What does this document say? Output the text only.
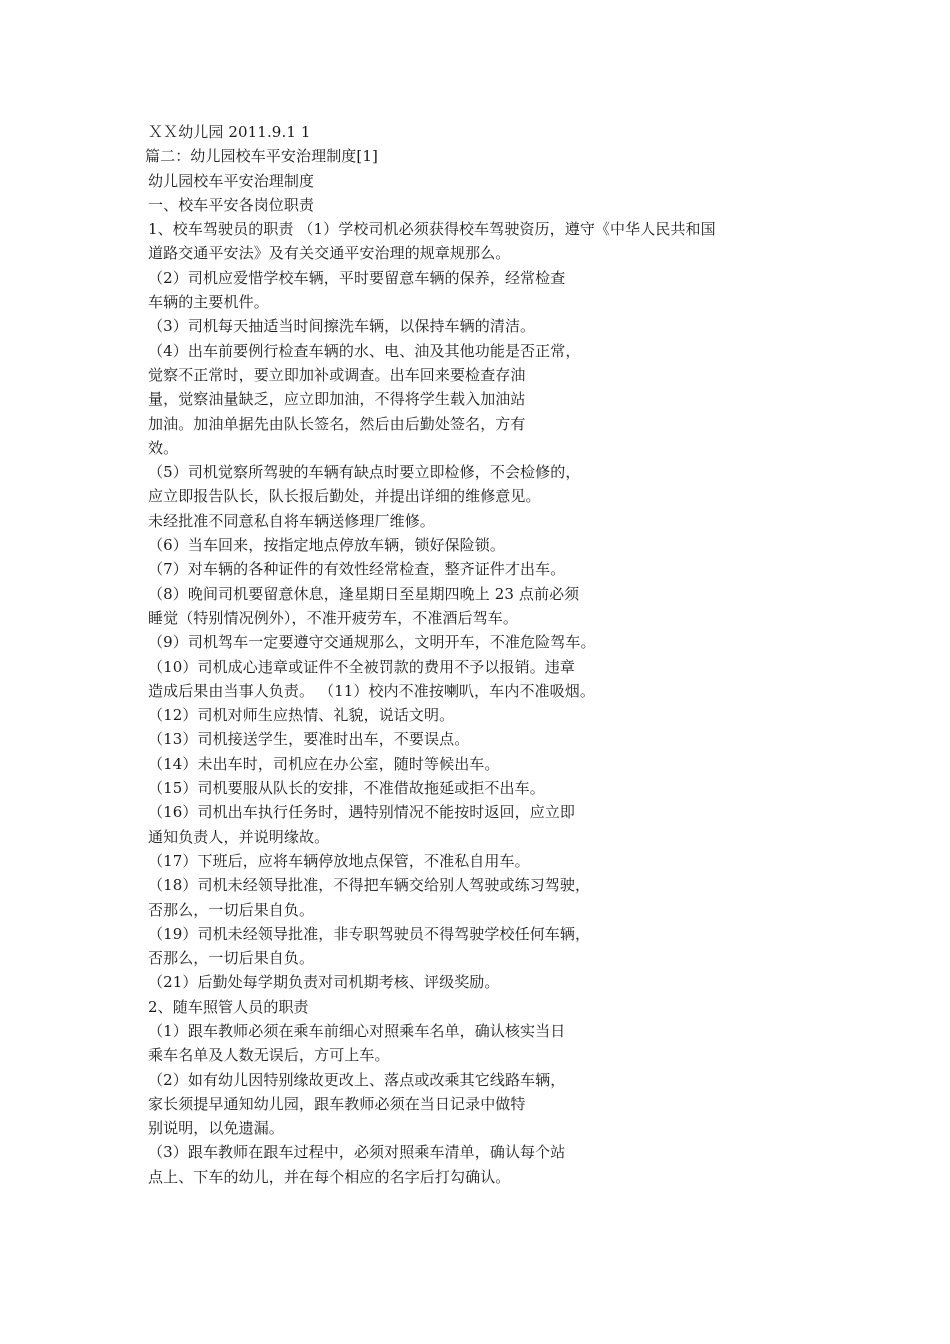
ＸＸ幼儿园 2011.9.1 1
篇二：幼儿园校车平安治理制度[1]
幼儿园校车平安治理制度
一、校车平安各岗位职责
1、校车驾驶员的职责 （1）学校司机必须获得校车驾驶资历，遵守《中华人民共和国
道路交通平安法》及有关交通平安治理的规章规那么。
（2）司机应爱惜学校车辆，平时要留意车辆的保养，经常检查
车辆的主要机件。
（3）司机每天抽适当时间擦洗车辆，以保持车辆的清洁。
（4）出车前要例行检查车辆的水、电、油及其他功能是否正常，
觉察不正常时，要立即加补或调查。出车回来要检查存油
量，觉察油量缺乏，应立即加油，不得将学生载入加油站
加油。加油单据先由队长签名，然后由后勤处签名，方有
效。
（5）司机觉察所驾驶的车辆有缺点时要立即检修，不会检修的，
应立即报告队长，队长报后勤处，并提出详细的维修意见。
未经批准不同意私自将车辆送修理厂维修。
（6）当车回来，按指定地点停放车辆，锁好保险锁。
（7）对车辆的各种证件的有效性经常检查，整齐证件才出车。
（8）晚间司机要留意休息，逢星期日至星期四晚上 23 点前必须
睡觉（特别情况例外），不准开疲劳车，不准酒后驾车。
（9）司机驾车一定要遵守交通规那么，文明开车，不准危险驾车。
（10）司机成心违章或证件不全被罚款的费用不予以报销。违章
造成后果由当事人负责。 （11）校内不准按喇叭，车内不准吸烟。
（12）司机对师生应热情、礼貌，说话文明。
（13）司机接送学生，要准时出车，不要误点。
（14）未出车时，司机应在办公室，随时等候出车。
（15）司机要服从队长的安排，不准借故拖延或拒不出车。
（16）司机出车执行任务时，遇特别情况不能按时返回，应立即
通知负责人，并说明缘故。
（17）下班后，应将车辆停放地点保管，不准私自用车。
（18）司机未经领导批准，不得把车辆交给别人驾驶或练习驾驶，
否那么，一切后果自负。
（19）司机未经领导批准，非专职驾驶员不得驾驶学校任何车辆，
否那么，一切后果自负。
（21）后勤处每学期负责对司机期考核、评级奖励。
2、随车照管人员的职责
（1）跟车教师必须在乘车前细心对照乘车名单，确认核实当日
乘车名单及人数无误后，方可上车。
（2）如有幼儿因特别缘故更改上、落点或改乘其它线路车辆，
家长须提早通知幼儿园，跟车教师必须在当日记录中做特
别说明，以免遗漏。
（3）跟车教师在跟车过程中，必须对照乘车清单，确认每个站
点上、下车的幼儿，并在每个相应的名字后打勾确认。
